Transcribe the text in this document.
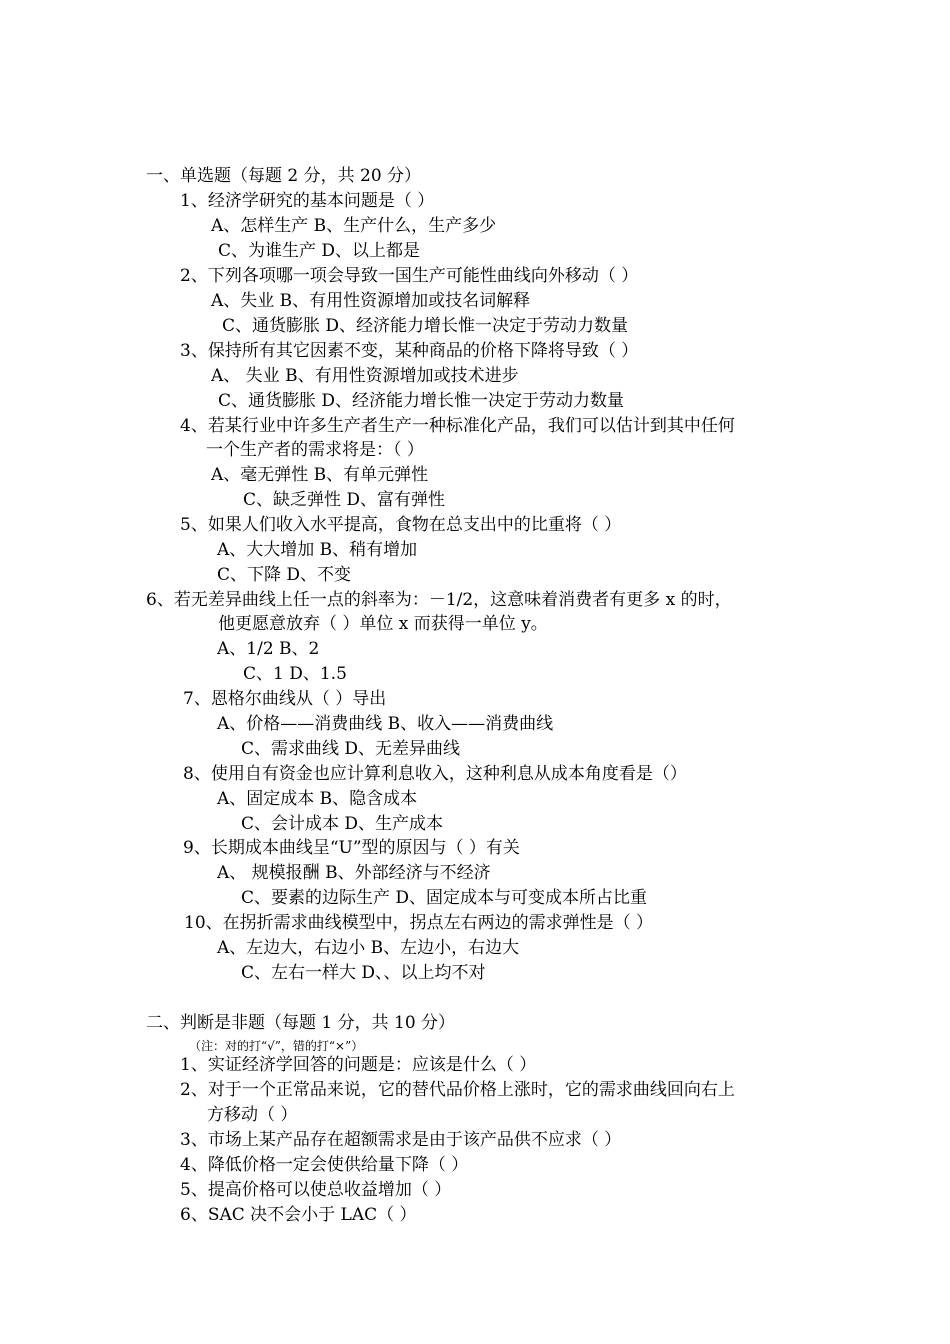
一、单选题（每题 2 分，共 20 分）
1、经济学研究的基本问题是（ ）
A、怎样生产 B、生产什么，生产多少
C、为谁生产 D、以上都是
2、下列各项哪一项会导致一国生产可能性曲线向外移动（ ）
A、失业 B、有用性资源增加或技名词解释
C、通货膨胀 D、经济能力增长惟一决定于劳动力数量
3、保持所有其它因素不变，某种商品的价格下降将导致（ ）
A、 失业 B、有用性资源增加或技术进步
C、通货膨胀 D、经济能力增长惟一决定于劳动力数量
4、若某行业中许多生产者生产一种标准化产品，我们可以估计到其中任何
一个生产者的需求将是：（ ）
A、毫无弹性 B、有单元弹性
C、缺乏弹性 D、富有弹性
5、如果人们收入水平提高，食物在总支出中的比重将（ ）
A、大大增加 B、稍有增加
C、下降 D、不变
6、若无差异曲线上任一点的斜率为：－1/2，这意味着消费者有更多 x 的时，
他更愿意放弃（ ）单位 x 而获得一单位 y。
A、1/2 B、2
C、1 D、1.5
7、恩格尔曲线从（ ）导出
A、价格——消费曲线 B、收入——消费曲线
C、需求曲线 D、无差异曲线
8、使用自有资金也应计算利息收入，这种利息从成本角度看是（）
A、固定成本 B、隐含成本
C、会计成本 D、生产成本
9、长期成本曲线呈“U”型的原因与（ ）有关
A、 规模报酬 B、外部经济与不经济
C、要素的边际生产 D、固定成本与可变成本所占比重
10、在拐折需求曲线模型中，拐点左右两边的需求弹性是（ ）
A、左边大，右边小 B、左边小，右边大
C、左右一样大 D、、以上均不对
二、判断是非题（每题 1 分，共 10 分）
（注：对的打“√”，错的打“×”）
1、实证经济学回答的问题是：应该是什么（ ）
2、对于一个正常品来说，它的替代品价格上涨时，它的需求曲线回向右上
方移动（ ）
3、市场上某产品存在超额需求是由于该产品供不应求（ ）
4、降低价格一定会使供给量下降（ ）
5、提高价格可以使总收益增加（ ）
6、SAC 决不会小于 LAC（ ）
